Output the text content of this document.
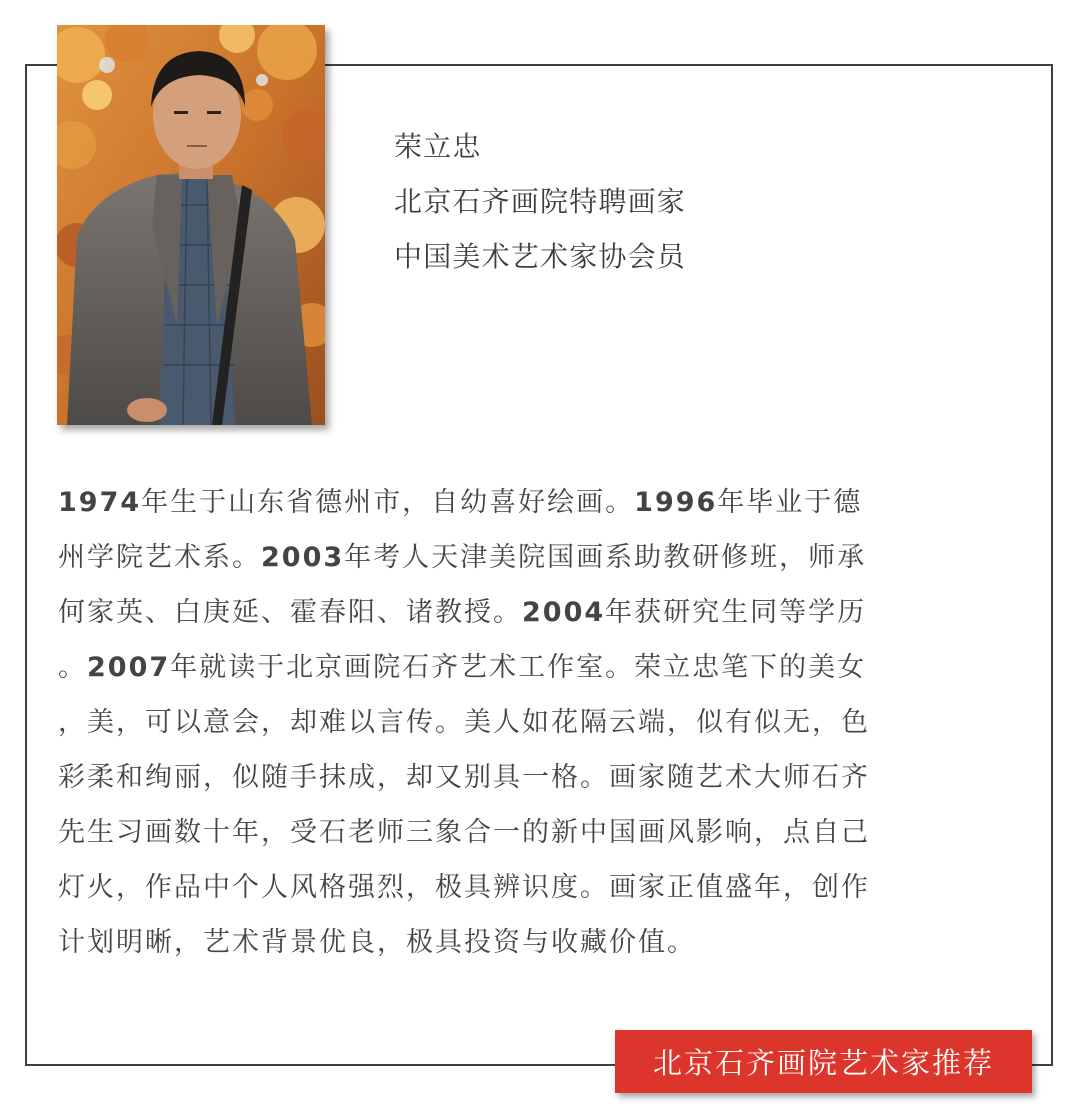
荣立忠
北京石齐画院特聘画家
中国美术艺术家协会员
1974年生于山东省德州市，自幼喜好绘画。1996年毕业于德
州学院艺术系。2003年考人天津美院国画系助教研修班，师承
何家英、白庚延、霍春阳、诸教授。2004年获研究生同等学历
。2007年就读于北京画院石齐艺术工作室。荣立忠笔下的美女
，美，可以意会，却难以言传。美人如花隔云端，似有似无，色
彩柔和绚丽，似随手抹成，却又别具一格。画家随艺术大师石齐
先生习画数十年，受石老师三象合一的新中国画风影响，点自己
灯火，作品中个人风格强烈，极具辨识度。画家正值盛年，创作
计划明晰，艺术背景优良，极具投资与收藏价值。
北京石齐画院艺术家推荐
